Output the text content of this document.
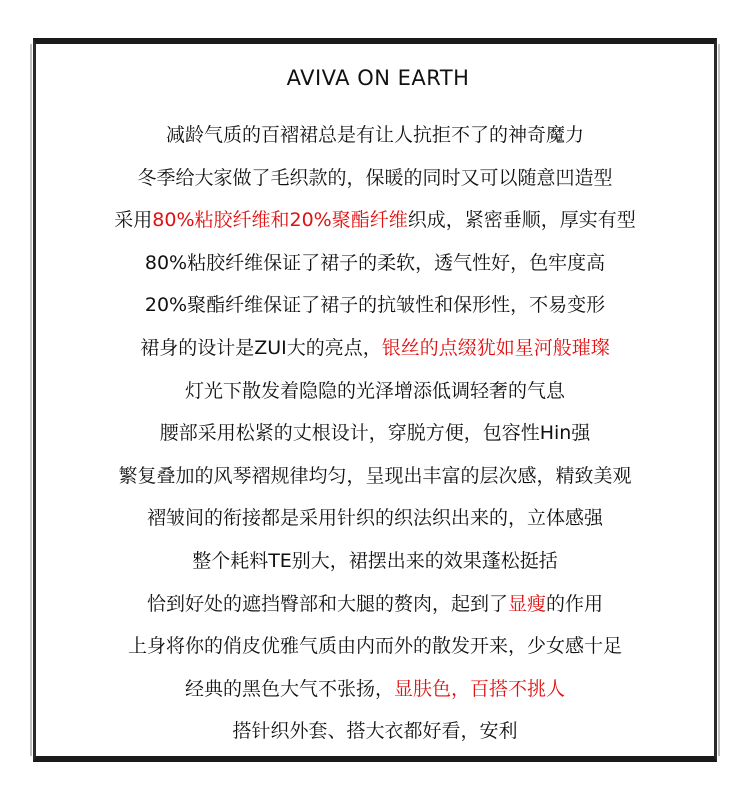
AVIVA ON EARTH
减龄气质的百褶裙总是有让人抗拒不了的神奇魔力
冬季给大家做了毛织款的，保暖的同时又可以随意凹造型
采用80%粘胶纤维和20%聚酯纤维织成，紧密垂顺，厚实有型
80%粘胶纤维保证了裙子的柔软，透气性好，色牢度高
20%聚酯纤维保证了裙子的抗皱性和保形性，不易变形
裙身的设计是ZUI大的亮点，银丝的点缀犹如星河般璀璨
灯光下散发着隐隐的光泽增添低调轻奢的气息
腰部采用松紧的丈根设计，穿脱方便，包容性Hin强
繁复叠加的风琴褶规律均匀，呈现出丰富的层次感，精致美观
褶皱间的衔接都是采用针织的织法织出来的，立体感强
整个耗料TE别大，裙摆出来的效果蓬松挺括
恰到好处的遮挡臀部和大腿的赘肉，起到了显瘦的作用
上身将你的俏皮优雅气质由内而外的散发开来，少女感十足
经典的黑色大气不张扬，显肤色，百搭不挑人
搭针织外套、搭大衣都好看，安利
